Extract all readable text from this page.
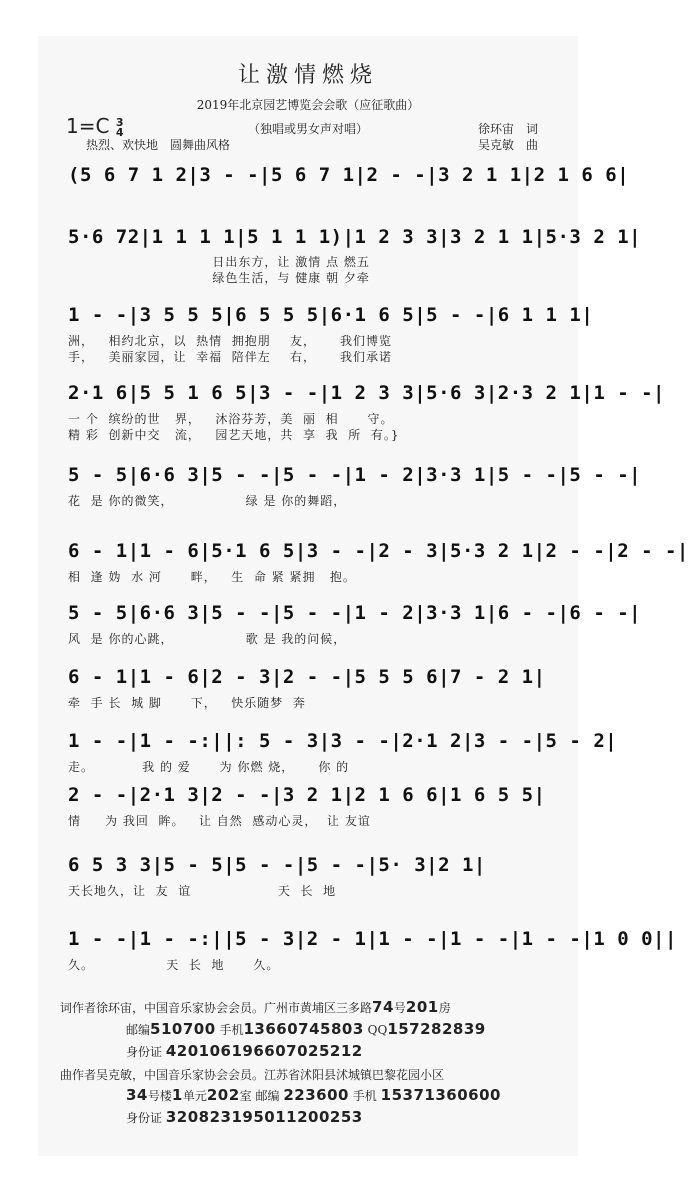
让激情燃烧
2019年北京园艺博览会会歌（应征歌曲）
1=C 3
4	（独唱或男女声对唱）
热烈、欢快地　圆舞曲风格
徐环宙　词
吴克敏　曲
(5 6 7 1 2|3 - -|5 6 7 1|2 - -|3 2 1 1|2 1 6 6|
5·6 72|1 1 1 1|5 1 1 1)|1 2 3 3|3 2 1 1|5·3 2 1|
日出东方，让 激情 点 燃五
绿色生活，与 健康 朝 夕牵
1 - -|3 5 5 5|6 5 5 5|6·1 6 5|5 - -|6 1 1 1|
洲，   相约北京，以  热情  拥抱朋    友，     我们博览
手，   美丽家园，让  幸福  陪伴左    右，     我们承诺
2·1 6|5 5 1 6 5|3 - -|1 2 3 3|5·6 3|2·3 2 1|1 - -|
一 个  缤纷的世   界，   沐浴芬芳，美  丽  相      守。
精 彩  创新中交   流，   园艺天地，共  享  我  所  有。}
5 - 5|6·6 3|5 - -|5 - -|1 - 2|3·3 1|5 - -|5 - -|
花  是 你的微笑，               绿 是 你的舞蹈，
6 - 1|1 - 6|5·1 6 5|3 - -|2 - 3|5·3 2 1|2 - -|2 - -|
相  逢 妫  水 河      畔，   生  命 紧 紧拥   抱。
5 - 5|6·6 3|5 - -|5 - -|1 - 2|3·3 1|6 - -|6 - -|
风  是 你的心跳，               歌 是 我的问候，
6 - 1|1 - 6|2 - 3|2 - -|5 5 5 6|7 - 2 1|
牵  手 长  城 脚      下，   快乐随梦  奔
1 - -|1 - -:||: 5 - 3|3 - -|2·1 2|3 - -|5 - 2|
走。          我 的 爱      为 你燃 烧，     你 的
2 - -|2·1 3|2 - -|3 2 1|2 1 6 6|1 6 5 5|
情     为 我回  眸。   让 自然  感动心灵，  让 友谊
6 5 3 3|5 - 5|5 - -|5 - -|5· 3|2 1|
天长地久，让  友  谊                  天  长  地
1 - -|1 - -:||5 - 3|2 - 1|1 - -|1 - -|1 - -|1 0 0||
久。               天  长  地      久。
词作者徐环宙，中国音乐家协会会员。广州市黄埔区三多路74号201房
邮编510700 手机13660745803 QQ157282839
身份证 420106196607025212
曲作者吴克敏，中国音乐家协会会员。江苏省沭阳县沭城镇巴黎花园小区
34号楼1单元202室 邮编 223600 手机 15371360600
身份证 320823195011200253
